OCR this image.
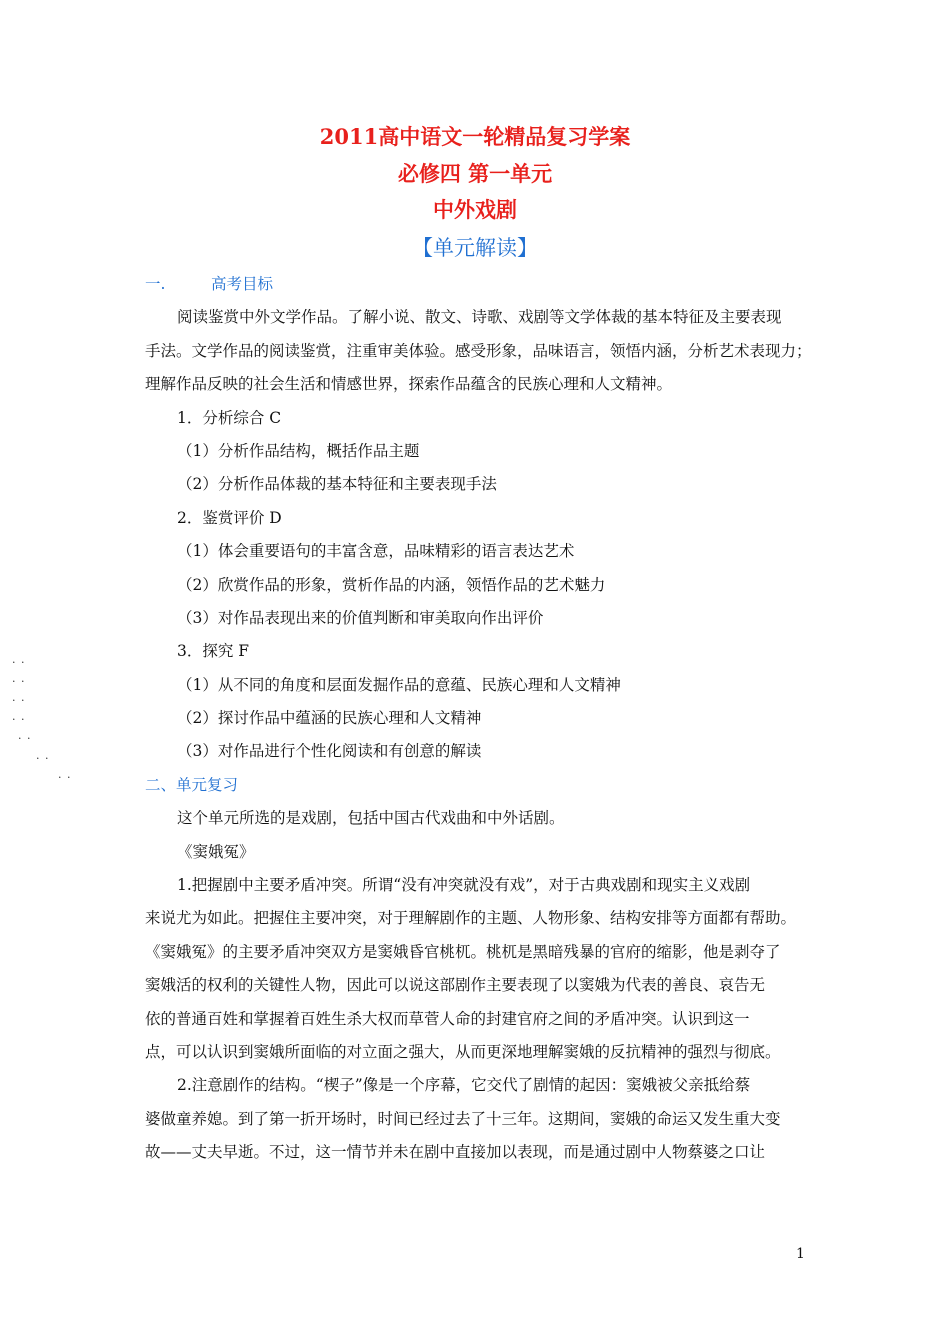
2011高中语文一轮精品复习学案

必修四 第一单元

中外戏剧

【单元解读】
一.	高考目标
阅读鉴赏中外文学作品。了解小说、散文、诗歌、戏剧等文学体裁的基本特征及主要表现
手法。文学作品的阅读鉴赏，注重审美体验。感受形象，品味语言，领悟内涵，分析艺术表现力；
理解作品反映的社会生活和情感世界，探索作品蕴含的民族心理和人文精神。
1．分析综合 C
（1）分析作品结构，概括作品主题
（2）分析作品体裁的基本特征和主要表现手法
2．鉴赏评价 D
（1）体会重要语句的丰富含意，品味精彩的语言表达艺术
（2）欣赏作品的形象，赏析作品的内涵，领悟作品的艺术魅力
（3）对作品表现出来的价值判断和审美取向作出评价
3．探究 F
（1）从不同的角度和层面发掘作品的意蕴、民族心理和人文精神
（2）探讨作品中蕴涵的民族心理和人文精神
（3）对作品进行个性化阅读和有创意的解读
二、单元复习
这个单元所选的是戏剧，包括中国古代戏曲和中外话剧。
《窦娥冤》
1.把握剧中主要矛盾冲突。所谓“没有冲突就没有戏”，对于古典戏剧和现实主义戏剧
来说尤为如此。把握住主要冲突，对于理解剧作的主题、人物形象、结构安排等方面都有帮助。
《窦娥冤》的主要矛盾冲突双方是窦娥昏官桃杌。桃杌是黑暗残暴的官府的缩影，他是剥夺了
窦娥活的权利的关键性人物，因此可以说这部剧作主要表现了以窦娥为代表的善良、哀告无
依的普通百姓和掌握着百姓生杀大权而草菅人命的封建官府之间的矛盾冲突。认识到这一
点，可以认识到窦娥所面临的对立面之强大，从而更深地理解窦娥的反抗精神的强烈与彻底。
2.注意剧作的结构。“楔子”像是一个序幕，它交代了剧情的起因：窦娥被父亲抵给蔡
婆做童养媳。到了第一折开场时，时间已经过去了十三年。这期间，窦娥的命运又发生重大变
故——丈夫早逝。不过，这一情节并未在剧中直接加以表现，而是通过剧中人物蔡婆之口让
. .
. .
. .
. .
. .
. .
. .
1
